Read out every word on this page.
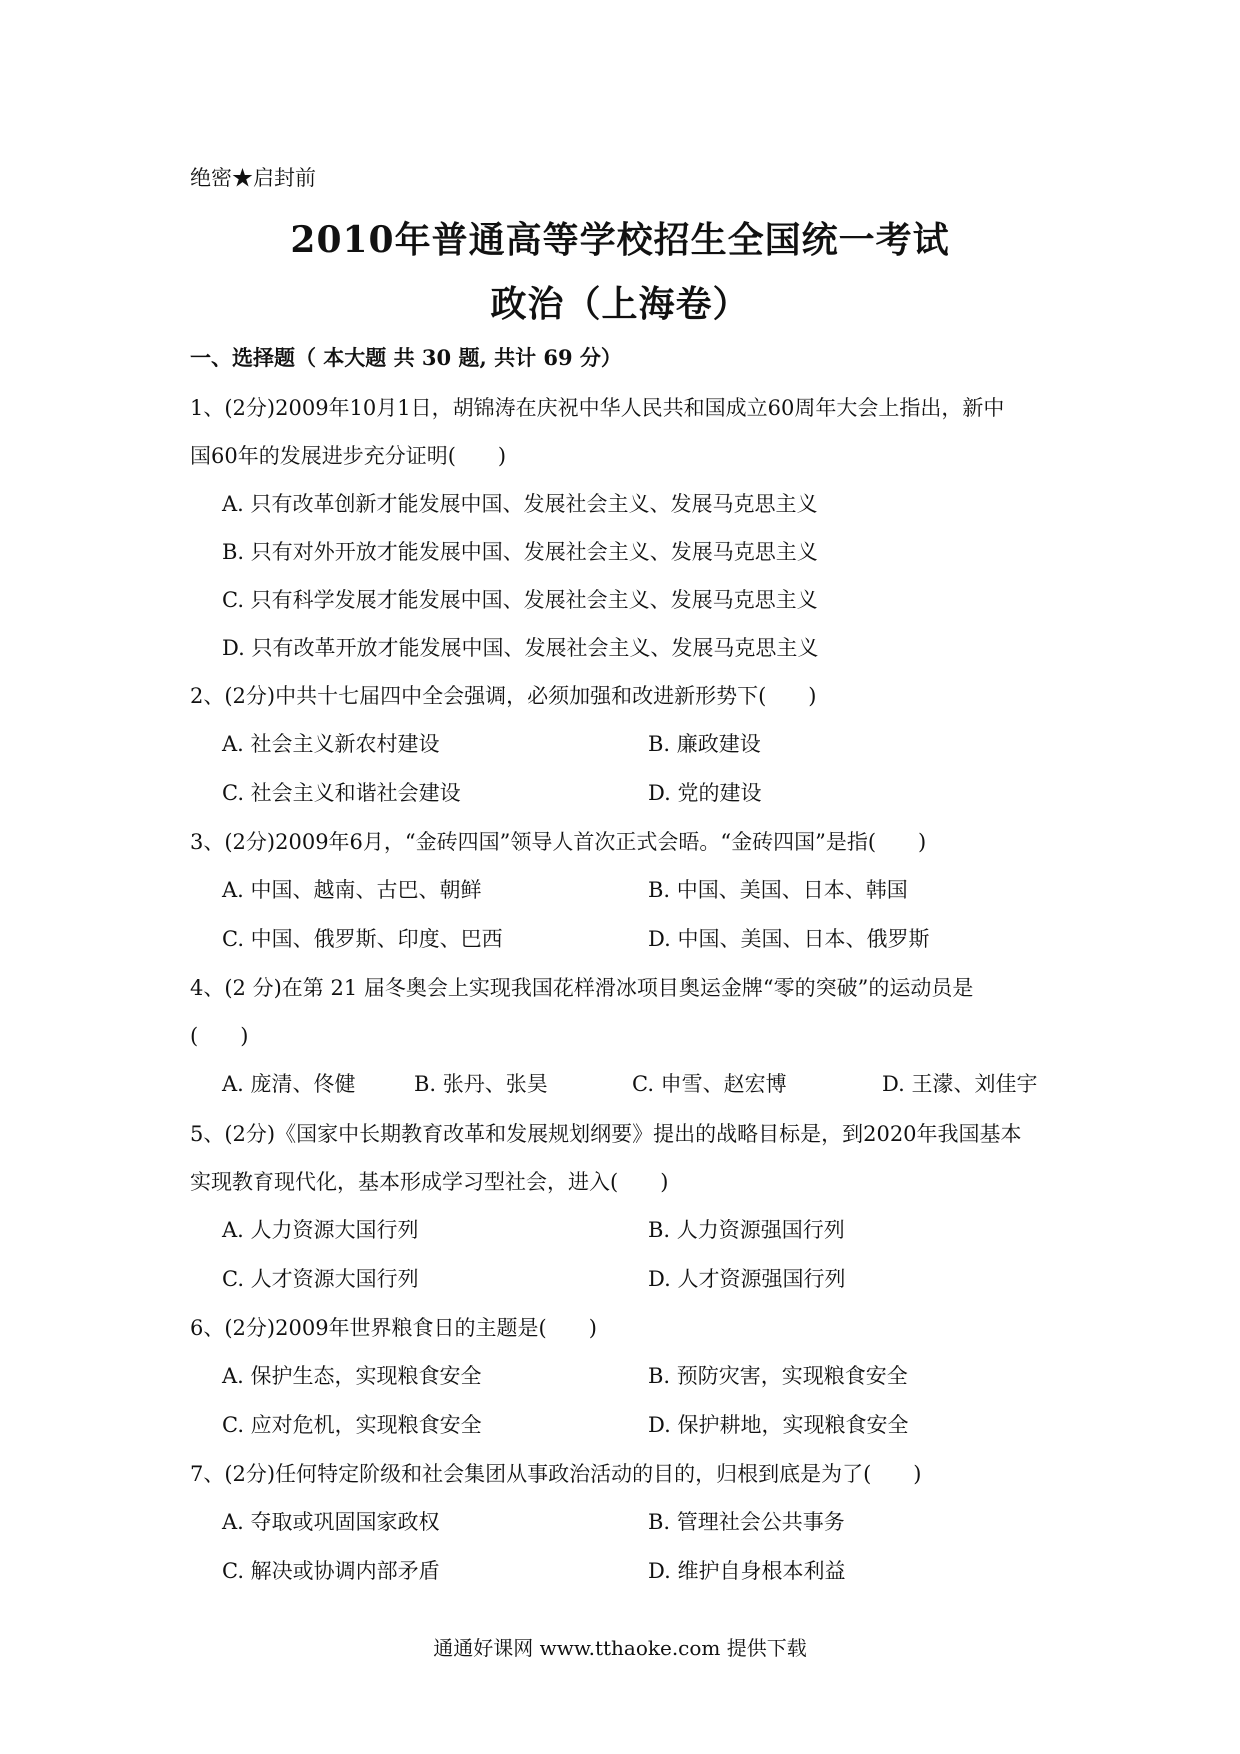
绝密★启封前
2010年普通高等学校招生全国统一考试
政治（上海卷）
一、选择题（ 本大题 共 30 题, 共计 69 分）
1、(2分)2009年10月1日，胡锦涛在庆祝中华人民共和国成立60周年大会上指出，新中
国60年的发展进步充分证明(　　)
A. 只有改革创新才能发展中国、发展社会主义、发展马克思主义
B. 只有对外开放才能发展中国、发展社会主义、发展马克思主义
C. 只有科学发展才能发展中国、发展社会主义、发展马克思主义
D. 只有改革开放才能发展中国、发展社会主义、发展马克思主义
2、(2分)中共十七届四中全会强调，必须加强和改进新形势下(　　)
A. 社会主义新农村建设	B. 廉政建设
C. 社会主义和谐社会建设	D. 党的建设
3、(2分)2009年6月，“金砖四国”领导人首次正式会晤。“金砖四国”是指(　　)
A. 中国、越南、古巴、朝鲜	B. 中国、美国、日本、韩国
C. 中国、俄罗斯、印度、巴西	D. 中国、美国、日本、俄罗斯
4、(2 分)在第 21 届冬奥会上实现我国花样滑冰项目奥运金牌“零的突破”的运动员是
(　　)
A. 庞清、佟健	B. 张丹、张昊	C. 申雪、赵宏博	D. 王濛、刘佳宇
5、(2分)《国家中长期教育改革和发展规划纲要》提出的战略目标是，到2020年我国基本
实现教育现代化，基本形成学习型社会，进入(　　)
A. 人力资源大国行列	B. 人力资源强国行列
C. 人才资源大国行列	D. 人才资源强国行列
6、(2分)2009年世界粮食日的主题是(　　)
A. 保护生态，实现粮食安全	B. 预防灾害，实现粮食安全
C. 应对危机，实现粮食安全	D. 保护耕地，实现粮食安全
7、(2分)任何特定阶级和社会集团从事政治活动的目的，归根到底是为了(　　)
A. 夺取或巩固国家政权	B. 管理社会公共事务
C. 解决或协调内部矛盾	D. 维护自身根本利益
通通好课网 www.tthaoke.com 提供下载
